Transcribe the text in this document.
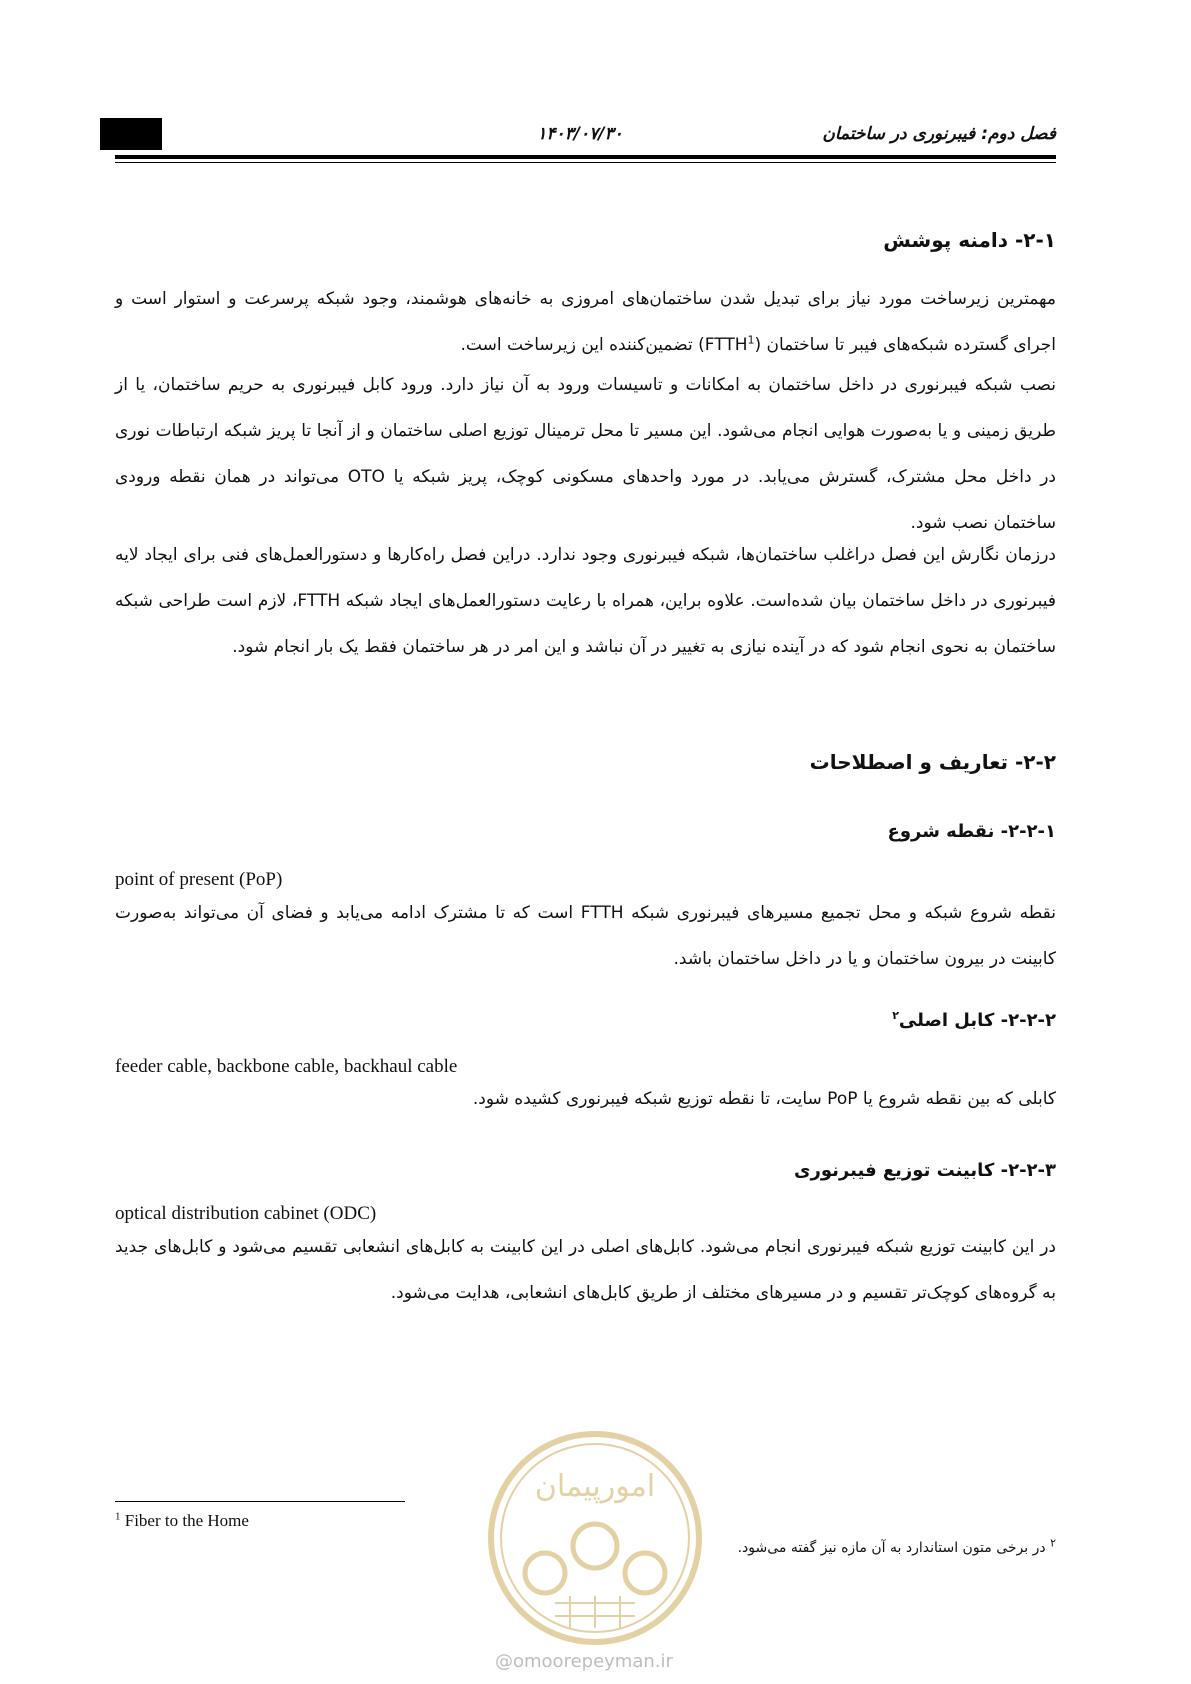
۱۴۰۳/۰۷/۳۰	فصل دوم: فیبرنوری در ساختمان
۲-۱- دامنه پوشش
مهمترین زیرساخت مورد نیاز برای تبدیل شدن ساختمان‌های امروزی به خانه‌های هوشمند، وجود شبکه پرسرعت و استوار است و اجرای گسترده شبکه‌های فیبر تا ساختمان (FTTH$^1$) تضمین‌کننده این زیرساخت است.
نصب شبکه فیبرنوری در داخل ساختمان به امکانات و تاسیسات ورود به آن نیاز دارد. ورود کابل فیبرنوری به حریم ساختمان، یا از طریق زمینی و یا به‌صورت هوایی انجام می‌شود. این مسیر تا محل ترمینال توزیع اصلی ساختمان و از آنجا تا پریز شبکه ارتباطات نوری در داخل محل مشترک، گسترش می‌یابد. در مورد واحدهای مسکونی کوچک، پریز شبکه یا OTO می‌تواند در همان نقطه ورودی ساختمان نصب شود.
درزمان نگارش این فصل دراغلب ساختمان‌ها، شبکه فیبرنوری وجود ندارد. دراین فصل راه‌کارها و دستورالعمل‌های فنی برای ایجاد لایه فیبرنوری در داخل ساختمان بیان شده‌است. علاوه براین، همراه با رعایت دستورالعمل‌های ایجاد شبکه FTTH، لازم است طراحی شبکه ساختمان به نحوی انجام شود که در آینده نیازی به تغییر در آن نباشد و این امر در هر ساختمان فقط یک بار انجام شود.
۲-۲- تعاریف و اصطلاحات
۲-۲-۱- نقطه شروع
point of present (PoP)
نقطه شروع شبکه و محل تجمیع مسیرهای فیبرنوری شبکه FTTH است که تا مشترک ادامه می‌یابد و فضای آن می‌تواند به‌صورت کابینت در بیرون ساختمان و یا در داخل ساختمان باشد.
۲-۲-۲- کابل اصلی$^۲$
feeder cable, backbone cable, backhaul cable
کابلی که بین نقطه شروع یا PoP سایت، تا نقطه توزیع شبکه فیبرنوری کشیده شود.
۲-۲-۳- کابینت توزیع فیبرنوری
optical distribution cabinet (ODC)
در این کابینت توزیع شبکه فیبرنوری انجام می‌شود. کابل‌های اصلی در این کابینت به کابل‌های انشعابی تقسیم می‌شود و کابل‌های جدید به گروه‌های کوچک‌تر تقسیم و در مسیرهای مختلف از طریق کابل‌های انشعابی، هدایت می‌شود.
امورپیمان
$^1$ Fiber to the Home
$^۲$ در برخی متون استاندارد به آن مازه نیز گفته می‌شود.
@omoorepeyman.ir
